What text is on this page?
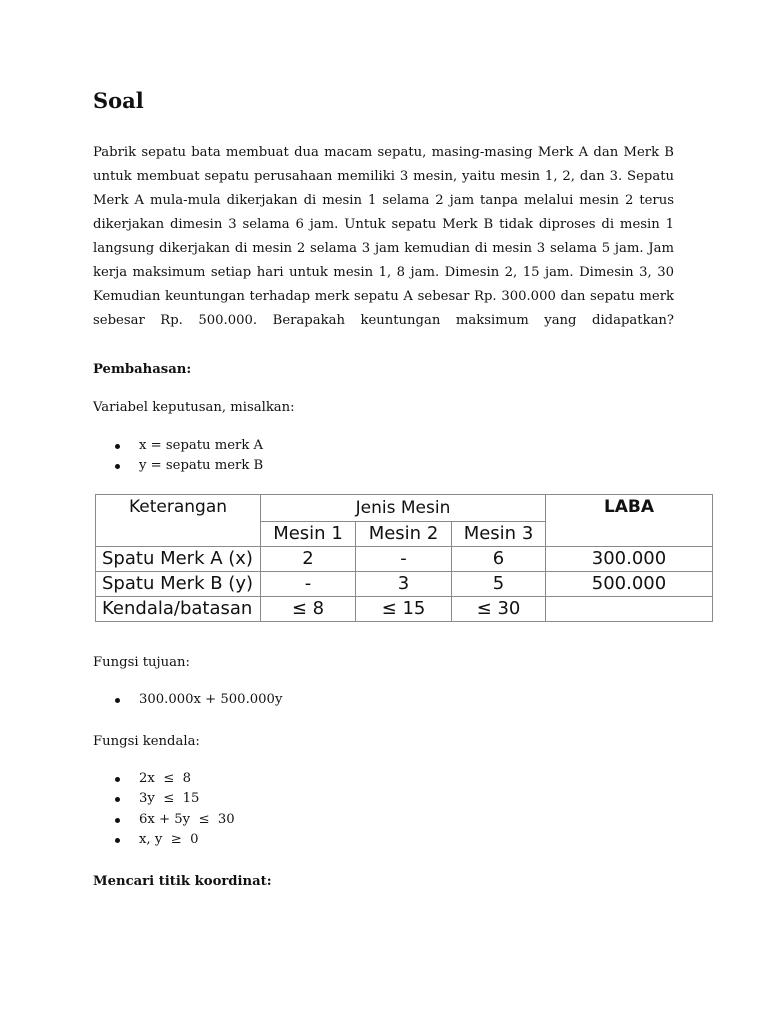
Soal
Pabrik sepatu bata membuat dua macam sepatu, masing-masing Merk A dan Merk B
untuk membuat sepatu perusahaan memiliki 3 mesin, yaitu mesin 1, 2, dan 3. Sepatu
Merk A mula-mula dikerjakan di mesin 1 selama 2 jam tanpa melalui mesin 2 terus
dikerjakan dimesin 3 selama 6 jam. Untuk sepatu Merk B tidak diproses di mesin 1
langsung dikerjakan di mesin 2 selama 3 jam kemudian di mesin 3 selama 5 jam. Jam
kerja maksimum setiap hari untuk mesin 1, 8 jam. Dimesin 2, 15 jam. Dimesin 3, 30
Kemudian keuntungan terhadap merk sepatu A sebesar Rp. 300.000 dan sepatu merk
sebesar Rp. 500.000. Berapakah keuntungan maksimum yang didapatkan?
Pembahasan:
Variabel keputusan, misalkan:
x = sepatu merk A
y = sepatu merk B
Keterangan	Jenis Mesin			LABA
	Mesin 1	Mesin 2	Mesin 3	
Spatu Merk A (x)	2	-	6	300.000
Spatu Merk B (y)	-	3	5	500.000
Kendala/batasan	≤ 8	≤ 15	≤ 30	
Fungsi tujuan:
300.000x + 500.000y
Fungsi kendala:
2x  ≤  8
3y  ≤  15
6x + 5y  ≤  30
x, y  ≥  0
Mencari titik koordinat:
